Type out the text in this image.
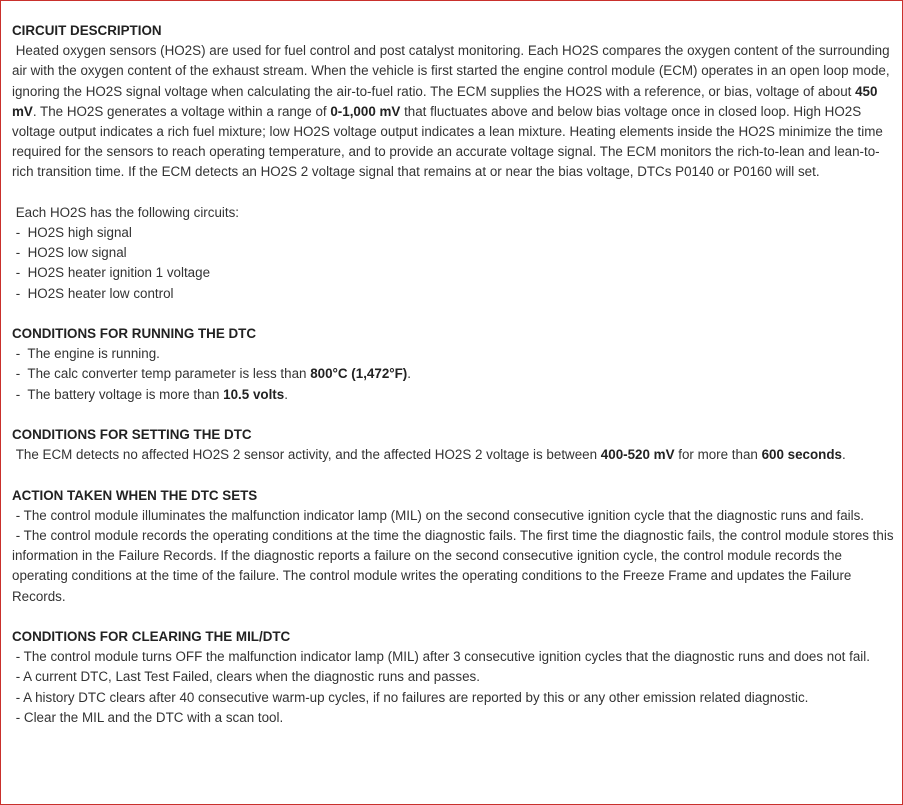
CIRCUIT DESCRIPTION

Heated oxygen sensors (HO2S) are used for fuel control and post catalyst monitoring. Each HO2S compares the oxygen content of the surrounding air with the oxygen content of the exhaust stream. When the vehicle is first started the engine control module (ECM) operates in an open loop mode, ignoring the HO2S signal voltage when calculating the air-to-fuel ratio. The ECM supplies the HO2S with a reference, or bias, voltage of about 450 mV. The HO2S generates a voltage within a range of 0-1,000 mV that fluctuates above and below bias voltage once in closed loop. High HO2S voltage output indicates a rich fuel mixture; low HO2S voltage output indicates a lean mixture. Heating elements inside the HO2S minimize the time required for the sensors to reach operating temperature, and to provide an accurate voltage signal. The ECM monitors the rich-to-lean and lean-to-rich transition time. If the ECM detects an HO2S 2 voltage signal that remains at or near the bias voltage, DTCs P0140 or P0160 will set.

Each HO2S has the following circuits:

-  HO2S high signal
-  HO2S low signal
-  HO2S heater ignition 1 voltage
-  HO2S heater low control
CONDITIONS FOR RUNNING THE DTC
-  The engine is running.
-  The calc converter temp parameter is less than 800°C (1,472°F).
-  The battery voltage is more than 10.5 volts.
CONDITIONS FOR SETTING THE DTC

The ECM detects no affected HO2S 2 sensor activity, and the affected HO2S 2 voltage is between 400-520 mV for more than 600 seconds.

ACTION TAKEN WHEN THE DTC SETS
- The control module illuminates the malfunction indicator lamp (MIL) on the second consecutive ignition cycle that the diagnostic runs and fails.
- The control module records the operating conditions at the time the diagnostic fails. The first time the diagnostic fails, the control module stores this information in the Failure Records. If the diagnostic reports a failure on the second consecutive ignition cycle, the control module records the operating conditions at the time of the failure. The control module writes the operating conditions to the Freeze Frame and updates the Failure Records.
CONDITIONS FOR CLEARING THE MIL/DTC
- The control module turns OFF the malfunction indicator lamp (MIL) after 3 consecutive ignition cycles that the diagnostic runs and does not fail.
- A current DTC, Last Test Failed, clears when the diagnostic runs and passes.
- A history DTC clears after 40 consecutive warm-up cycles, if no failures are reported by this or any other emission related diagnostic.
- Clear the MIL and the DTC with a scan tool.
